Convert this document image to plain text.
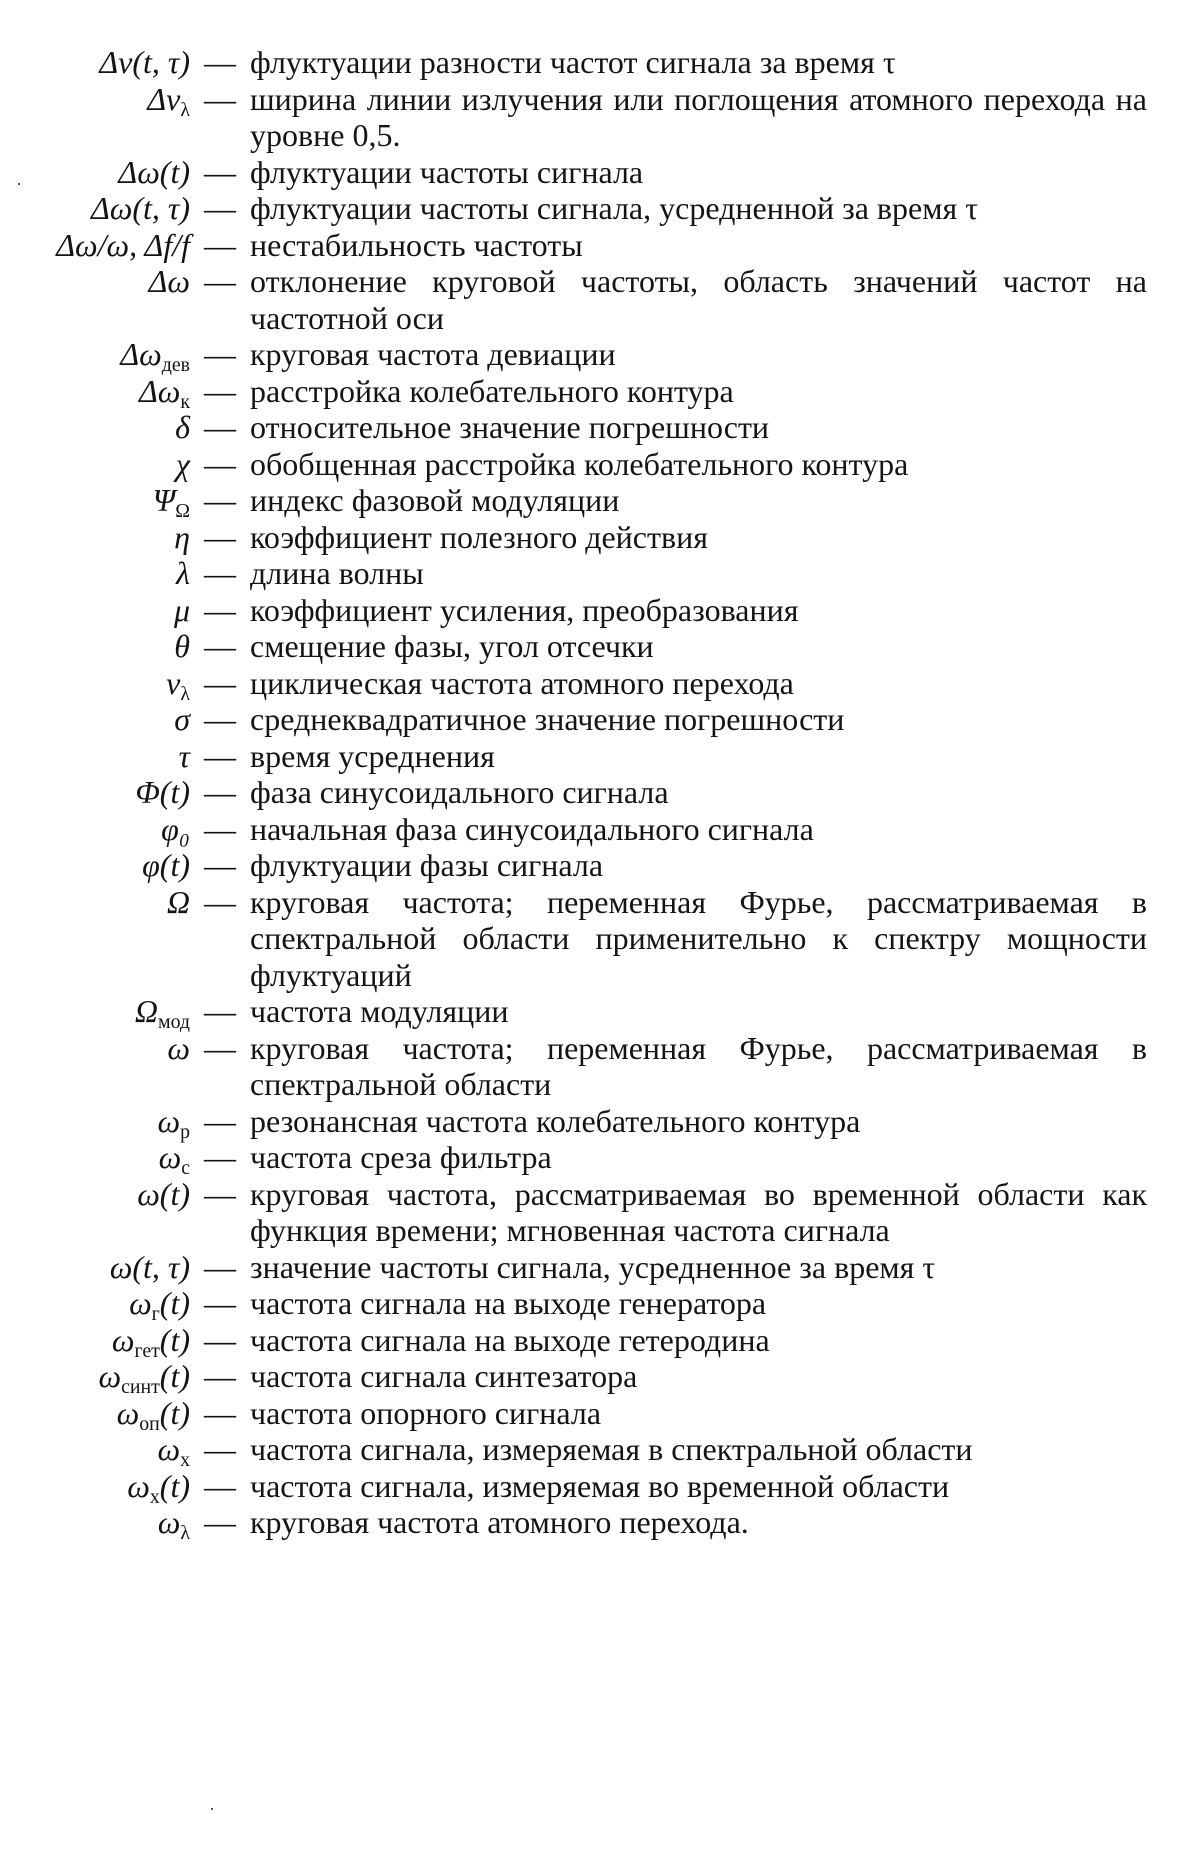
Δν(t, τ) — флуктуации разности частот сигнала за время τ
$\Delta\nu_\lambda$ — ширина линии излучения или поглощения атомного перехода на уровне 0,5.
Δω(t) — флуктуации частоты сигнала
Δω(t, τ) — флуктуации частоты сигнала, усредненной за время τ
Δω/ω, Δf/f — нестабильность частоты
Δω — отклонение круговой частоты, область значений частот на частотной оси
$\Delta\omega_{дев}$ — круговая частота девиации
$\Delta\omega_к$ — расстройка колебательного контура
δ — относительное значение погрешности
χ — обобщенная расстройка колебательного контура
$\Psi_\Omega$ — индекс фазовой модуляции
η — коэффициент полезного действия
λ — длина волны
μ — коэффициент усиления, преобразования
θ — смещение фазы, угол отсечки
$\nu_\lambda$ — циклическая частота атомного перехода
σ — среднеквадратичное значение погрешности
τ — время усреднения
Φ(t) — фаза синусоидального сигнала
φ₀ — начальная фаза синусоидального сигнала
φ(t) — флуктуации фазы сигнала
Ω — круговая частота; переменная Фурье, рассматриваемая в спектральной области применительно к спектру мощности флуктуаций
$\Omega_{мод}$ — частота модуляции
ω — круговая частота; переменная Фурье, рассматриваемая в спектральной области
$\omega_р$ — резонансная частота колебательного контура
$\omega_с$ — частота среза фильтра
ω(t) — круговая частота, рассматриваемая во временной области как функция времени; мгновенная частота сигнала
ω(t, τ) — значение частоты сигнала, усредненное за время τ
$\omega_г(t)$ — частота сигнала на выходе генератора
$\omega_{гет}(t)$ — частота сигнала на выходе гетеродина
$\omega_{синт}(t)$ — частота сигнала синтезатора
$\omega_{оп}(t)$ — частота опорного сигнала
$\omega_x$ — частота сигнала, измеряемая в спектральной области
$\omega_x(t)$ — частота сигнала, измеряемая во временной области
$\omega_\lambda$ — круговая частота атомного перехода.
